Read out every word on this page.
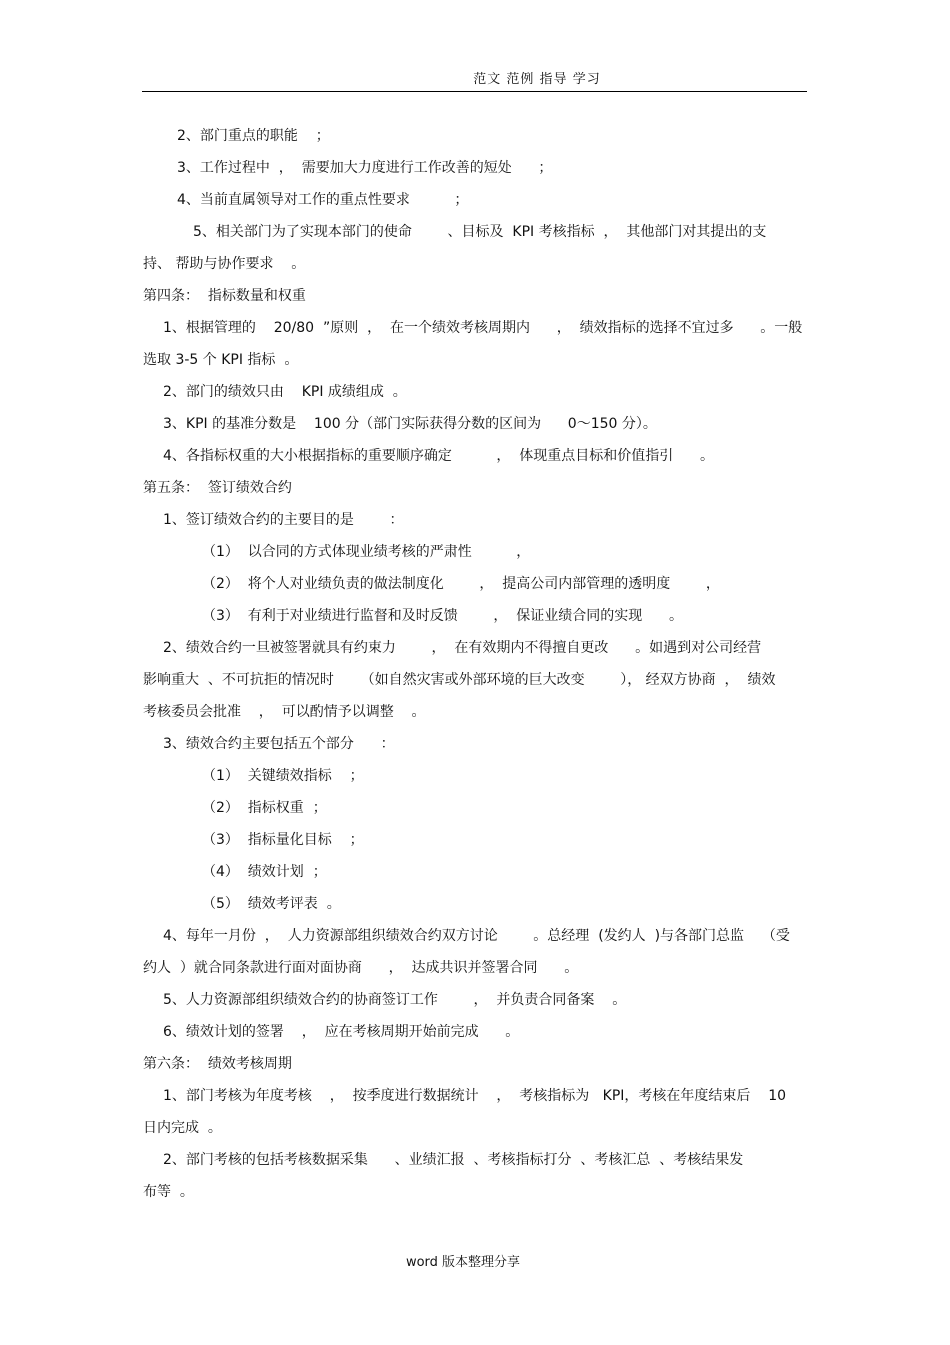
范文 范例 指导 学习
2、部门重点的职能    ；
3、工作过程中  ，  需要加大力度进行工作改善的短处      ；
4、当前直属领导对工作的重点性要求          ；
5、相关部门为了实现本部门的使命        、目标及  KPI 考核指标  ，  其他部门对其提出的支
持、 帮助与协作要求    。
第四条：  指标数量和权重
1、根据管理的    20/80  ”原则  ，  在一个绩效考核周期内      ，  绩效指标的选择不宜过多      。一般
选取 3-5 个 KPI 指标  。
2、部门的绩效只由    KPI 成绩组成  。
3、KPI 的基准分数是    100 分（部门实际获得分数的区间为      0～150 分）。
4、各指标权重的大小根据指标的重要顺序确定          ，  体现重点目标和价值指引      。
第五条：  签订绩效合约
1、签订绩效合约的主要目的是        ：
（1）  以合同的方式体现业绩考核的严肃性          ，
（2）  将个人对业绩负责的做法制度化        ，  提高公司内部管理的透明度        ，
（3）  有利于对业绩进行监督和及时反馈        ，  保证业绩合同的实现      。
2、绩效合约一旦被签署就具有约束力        ，  在有效期内不得擅自更改      。如遇到对公司经营
影响重大  、不可抗拒的情况时      （如自然灾害或外部环境的巨大改变        ）， 经双方协商  ，  绩效
考核委员会批准    ，  可以酌情予以调整    。
3、绩效合约主要包括五个部分      ：
（1）  关键绩效指标    ；
（2）  指标权重  ；
（3）  指标量化目标    ；
（4）  绩效计划  ；
（5）  绩效考评表  。
4、每年一月份  ，  人力资源部组织绩效合约双方讨论        。总经理  (发约人  )与各部门总监    （受
约人  ）就合同条款进行面对面协商      ，  达成共识并签署合同      。
5、人力资源部组织绩效合约的协商签订工作        ，  并负责合同备案    。
6、绩效计划的签署    ，  应在考核周期开始前完成      。
第六条：  绩效考核周期
1、部门考核为年度考核    ，  按季度进行数据统计    ，  考核指标为   KPI，考核在年度结束后    10
日内完成  。
2、部门考核的包括考核数据采集      、业绩汇报  、考核指标打分  、考核汇总  、考核结果发
布等  。
word 版本整理分享
